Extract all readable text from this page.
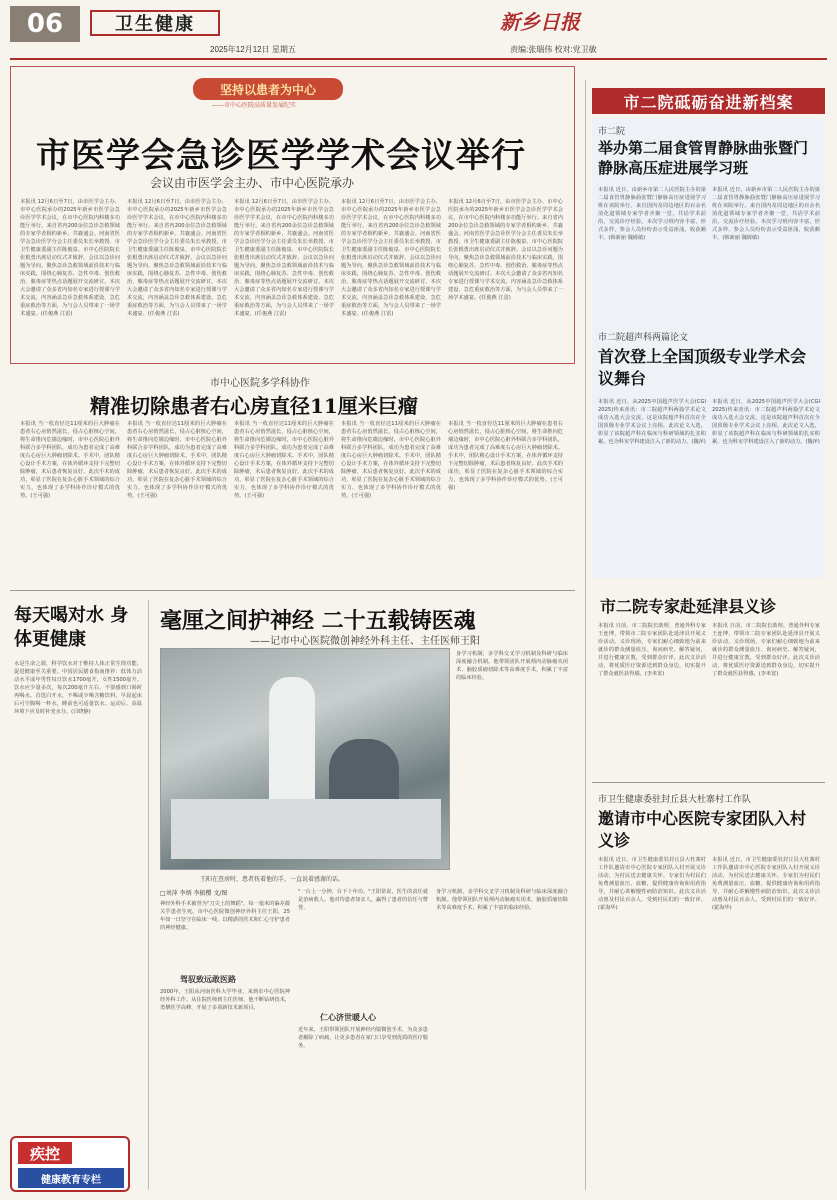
06	卫生健康
2025年12月12日 星期五
新乡日报
责编:张瑞伟 校对:党卫敏
坚持以患者为中心
——市中心医院高质量发展纪实
市医学会急诊医学学术会议举行
会议由市医学会主办、市中心医院承办
本报讯 12月6日至7日，由市医学会主办、市中心医院承办的2025年新乡市医学会急诊医学学术会议，在市中心医院内科楼多功能厅举行。来自省内200余位急诊急救领域的专家学者相约新乡，共襄盛会。河南省医学会急诊医学分会主任委员朱长举教授、市卫生健康委副主任陈俊泉、市中心医院院长张根勇出席启动仪式并致辞。会议以急诊问题为导向，聚焦急诊急救领域前沿技术与临床实践，围绕心肺复苏、急性中毒、创伤救治、脓毒症等热点话题展开交流研讨。本次大会邀请了众多省内知名专家进行授课与学术交流，内容涵盖急诊急救体系建设、急危重症救治等方面，为与会人员带来了一场学术盛宴。(任俊燕 江雷)
本报讯 12月6日至7日，由市医学会主办、市中心医院承办的2025年新乡市医学会急诊医学学术会议，在市中心医院内科楼多功能厅举行。来自省内200余位急诊急救领域的专家学者相约新乡，共襄盛会。河南省医学会急诊医学分会主任委员朱长举教授、市卫生健康委副主任陈俊泉、市中心医院院长张根勇出席启动仪式并致辞。会议以急诊问题为导向，聚焦急诊急救领域前沿技术与临床实践，围绕心肺复苏、急性中毒、创伤救治、脓毒症等热点话题展开交流研讨。本次大会邀请了众多省内知名专家进行授课与学术交流，内容涵盖急诊急救体系建设、急危重症救治等方面，为与会人员带来了一场学术盛宴。(任俊燕 江雷)
本报讯 12月6日至7日，由市医学会主办、市中心医院承办的2025年新乡市医学会急诊医学学术会议，在市中心医院内科楼多功能厅举行。来自省内200余位急诊急救领域的专家学者相约新乡，共襄盛会。河南省医学会急诊医学分会主任委员朱长举教授、市卫生健康委副主任陈俊泉、市中心医院院长张根勇出席启动仪式并致辞。会议以急诊问题为导向，聚焦急诊急救领域前沿技术与临床实践，围绕心肺复苏、急性中毒、创伤救治、脓毒症等热点话题展开交流研讨。本次大会邀请了众多省内知名专家进行授课与学术交流，内容涵盖急诊急救体系建设、急危重症救治等方面，为与会人员带来了一场学术盛宴。(任俊燕 江雷)
本报讯 12月6日至7日，由市医学会主办、市中心医院承办的2025年新乡市医学会急诊医学学术会议，在市中心医院内科楼多功能厅举行。来自省内200余位急诊急救领域的专家学者相约新乡，共襄盛会。河南省医学会急诊医学分会主任委员朱长举教授、市卫生健康委副主任陈俊泉、市中心医院院长张根勇出席启动仪式并致辞。会议以急诊问题为导向，聚焦急诊急救领域前沿技术与临床实践，围绕心肺复苏、急性中毒、创伤救治、脓毒症等热点话题展开交流研讨。本次大会邀请了众多省内知名专家进行授课与学术交流，内容涵盖急诊急救体系建设、急危重症救治等方面，为与会人员带来了一场学术盛宴。(任俊燕 江雷)
本报讯 12月6日至7日，由市医学会主办、市中心医院承办的2025年新乡市医学会急诊医学学术会议，在市中心医院内科楼多功能厅举行。来自省内200余位急诊急救领域的专家学者相约新乡，共襄盛会。河南省医学会急诊医学分会主任委员朱长举教授、市卫生健康委副主任陈俊泉、市中心医院院长张根勇出席启动仪式并致辞。会议以急诊问题为导向，聚焦急诊急救领域前沿技术与临床实践，围绕心肺复苏、急性中毒、创伤救治、脓毒症等热点话题展开交流研讨。本次大会邀请了众多省内知名专家进行授课与学术交流，内容涵盖急诊急救体系建设、急危重症救治等方面，为与会人员带来了一场学术盛宴。(任俊燕 江雷)
市中心医院多学科协作
精准切除患者右心房直径11厘米巨瘤
本报讯 当一枚直径达11厘米的巨大肿瘤在患者右心房悄然滋长，侵占心脏核心空间，将生命推向危墙边缘时，市中心医院心脏外科联合多学科团队，成功为患者完成了高难度右心房巨大肿瘤切除术。手术中，团队精心设计手术方案，在体外循环支持下完整切除肿瘤，术后患者恢复良好。此次手术的成功，彰显了医院在复杂心脏手术领域的综合实力，也体现了多学科协作诊疗模式的优势。(王可强)
本报讯 当一枚直径达11厘米的巨大肿瘤在患者右心房悄然滋长，侵占心脏核心空间，将生命推向危墙边缘时，市中心医院心脏外科联合多学科团队，成功为患者完成了高难度右心房巨大肿瘤切除术。手术中，团队精心设计手术方案，在体外循环支持下完整切除肿瘤，术后患者恢复良好。此次手术的成功，彰显了医院在复杂心脏手术领域的综合实力，也体现了多学科协作诊疗模式的优势。(王可强)
本报讯 当一枚直径达11厘米的巨大肿瘤在患者右心房悄然滋长，侵占心脏核心空间，将生命推向危墙边缘时，市中心医院心脏外科联合多学科团队，成功为患者完成了高难度右心房巨大肿瘤切除术。手术中，团队精心设计手术方案，在体外循环支持下完整切除肿瘤，术后患者恢复良好。此次手术的成功，彰显了医院在复杂心脏手术领域的综合实力，也体现了多学科协作诊疗模式的优势。(王可强)
本报讯 当一枚直径达11厘米的巨大肿瘤在患者右心房悄然滋长，侵占心脏核心空间，将生命推向危墙边缘时，市中心医院心脏外科联合多学科团队，成功为患者完成了高难度右心房巨大肿瘤切除术。手术中，团队精心设计手术方案，在体外循环支持下完整切除肿瘤，术后患者恢复良好。此次手术的成功，彰显了医院在复杂心脏手术领域的综合实力，也体现了多学科协作诊疗模式的优势。(王可强)
本报讯 当一枚直径达11厘米的巨大肿瘤在患者右心房悄然滋长，侵占心脏核心空间，将生命推向危墙边缘时，市中心医院心脏外科联合多学科团队，成功为患者完成了高难度右心房巨大肿瘤切除术。手术中，团队精心设计手术方案，在体外循环支持下完整切除肿瘤，术后患者恢复良好。此次手术的成功，彰显了医院在复杂心脏手术领域的综合实力，也体现了多学科协作诊疗模式的优势。(王可强)
每天喝对水 身体更健康
水是生命之源，科学饮水对于维持人体正常生理功能、促进健康至关重要。中国居民膳食指南推荐：低体力活动水平成年男性每日饮水1700毫升，女性1500毫升。饮水应少量多次，每次200毫升左右，不要感到口渴时再喝水。首选白开水，不喝或少喝含糖饮料。早晨起床后可空腹喝一杯水，睡前也可适量饮水。运动后、高温环境下应及时补充水分。(吕晓静)
疾控
健康教育专栏
毫厘之间护神经 二十五载铸医魂
——记市中心医院微创神经外科主任、主任医师王阳
王阳在查房时，患者抚着他的手，一直说着感谢的话。
身学习机制，多学科交叉学习机制及科研与临床深度融合机制。他带领团队开展颅内动脉瘤夹闭术、脑胶质瘤切除术等高难度手术，积累了丰富的临床经验。
□刘萍 李炳 李振樱 文/图
神经外科手术被誉为"刀尖上的舞蹈"，每一毫米的偏差都关乎患者生死。市中心医院微创神经外科主任王阳，25年如一日坚守在临床一线，以精湛的医术和仁心守护患者的神经健康。
驾驭致远敢医路
2000年，王阳从河南医科大学毕业，来到市中心医院神经外科工作。从住院医师到主任医师，他不断钻研技术，勇攀医学高峰，开展了多项新技术新项目。
"一台上一分钟，台下十年功。"王阳常说，医生的责任就是治病救人。他对待患者如亲人，赢得了患者的信任与赞誉。
仁心济世暖人心
近年来，王阳带领团队开展神经内镜微创手术，为众多患者解除了病痛，让更多患者在家门口享受到优质的医疗服务。
身学习机制，多学科交叉学习机制及科研与临床深度融合机制。他带领团队开展颅内动脉瘤夹闭术、脑胶质瘤切除术等高难度手术，积累了丰富的临床经验。
市二院砥砺奋进新档案
市二院
举办第二届食管胃静脉曲张暨门静脉高压症进展学习班
本报讯 近日，由新乡市第二人民医院主办的第二届食管胃静脉曲张暨门静脉高压症进展学习班在该院举行。来自国内及周边地区的百余名消化道领域专家学者齐聚一堂，共话学术前沿，交流诊疗经验。本次学习班内容丰富，形式多样，参会人员纷纷表示受益匪浅，收获颇丰。(韩新丽 魏姆敏)
本报讯 近日，由新乡市第二人民医院主办的第二届食管胃静脉曲张暨门静脉高压症进展学习班在该院举行。来自国内及周边地区的百余名消化道领域专家学者齐聚一堂，共话学术前沿，交流诊疗经验。本次学习班内容丰富，形式多样，参会人员纷纷表示受益匪浅，收获颇丰。(韩新丽 魏姆敏)
市二院超声科两篇论文
首次登上全国顶级专业学术会议舞台
本报讯 近日，从2025中国超声医学大会(CGI 2025)传来喜讯：市二院超声科两篇学术论文成功入选大会交流，这是该院超声科首次在全国顶级专业学术会议上亮相。此次论文入选，彰显了该院超声科在临床与科研领域的扎实积累，也为科室学科建设注入了新的动力。(魏萍)
本报讯 近日，从2025中国超声医学大会(CGI 2025)传来喜讯：市二院超声科两篇学术论文成功入选大会交流，这是该院超声科首次在全国顶级专业学术会议上亮相。此次论文入选，彰显了该院超声科在临床与科研领域的扎实积累，也为科室学科建设注入了新的动力。(魏萍)
市二院专家赴延津县义诊
本报讯 日前，市二院院长助理、普通外科专家王连博，带领市二院专家团队赴延津县开展义诊活动。义诊现场，专家们耐心细致地为前来就诊的群众测量血压、询问病史、解答疑问，并进行健康宣教，受到群众好评。此次义诊活动，将优质医疗资源送到群众身边，切实提升了群众就医获得感。(李米宽)
本报讯 日前，市二院院长助理、普通外科专家王连博，带领市二院专家团队赴延津县开展义诊活动。义诊现场，专家们耐心细致地为前来就诊的群众测量血压、询问病史、解答疑问，并进行健康宣教，受到群众好评。此次义诊活动，将优质医疗资源送到群众身边，切实提升了群众就医获得感。(李米宽)
市卫生健康委驻封丘县大杜寨村工作队
邀请市中心医院专家团队入村义诊
本报讯 近日，市卫生健康委驻封丘县大杜寨村工作队邀请市中心医院专家团队入村开展义诊活动，为村民送去健康关怀。专家们为村民们免费测量血压、血糖，提供健康咨询和用药指导，并耐心讲解慢性病防治知识。此次义诊活动惠及村民百余人，受到村民们的一致好评。(霍海华)
本报讯 近日，市卫生健康委驻封丘县大杜寨村工作队邀请市中心医院专家团队入村开展义诊活动，为村民送去健康关怀。专家们为村民们免费测量血压、血糖，提供健康咨询和用药指导，并耐心讲解慢性病防治知识。此次义诊活动惠及村民百余人，受到村民们的一致好评。(霍海华)
